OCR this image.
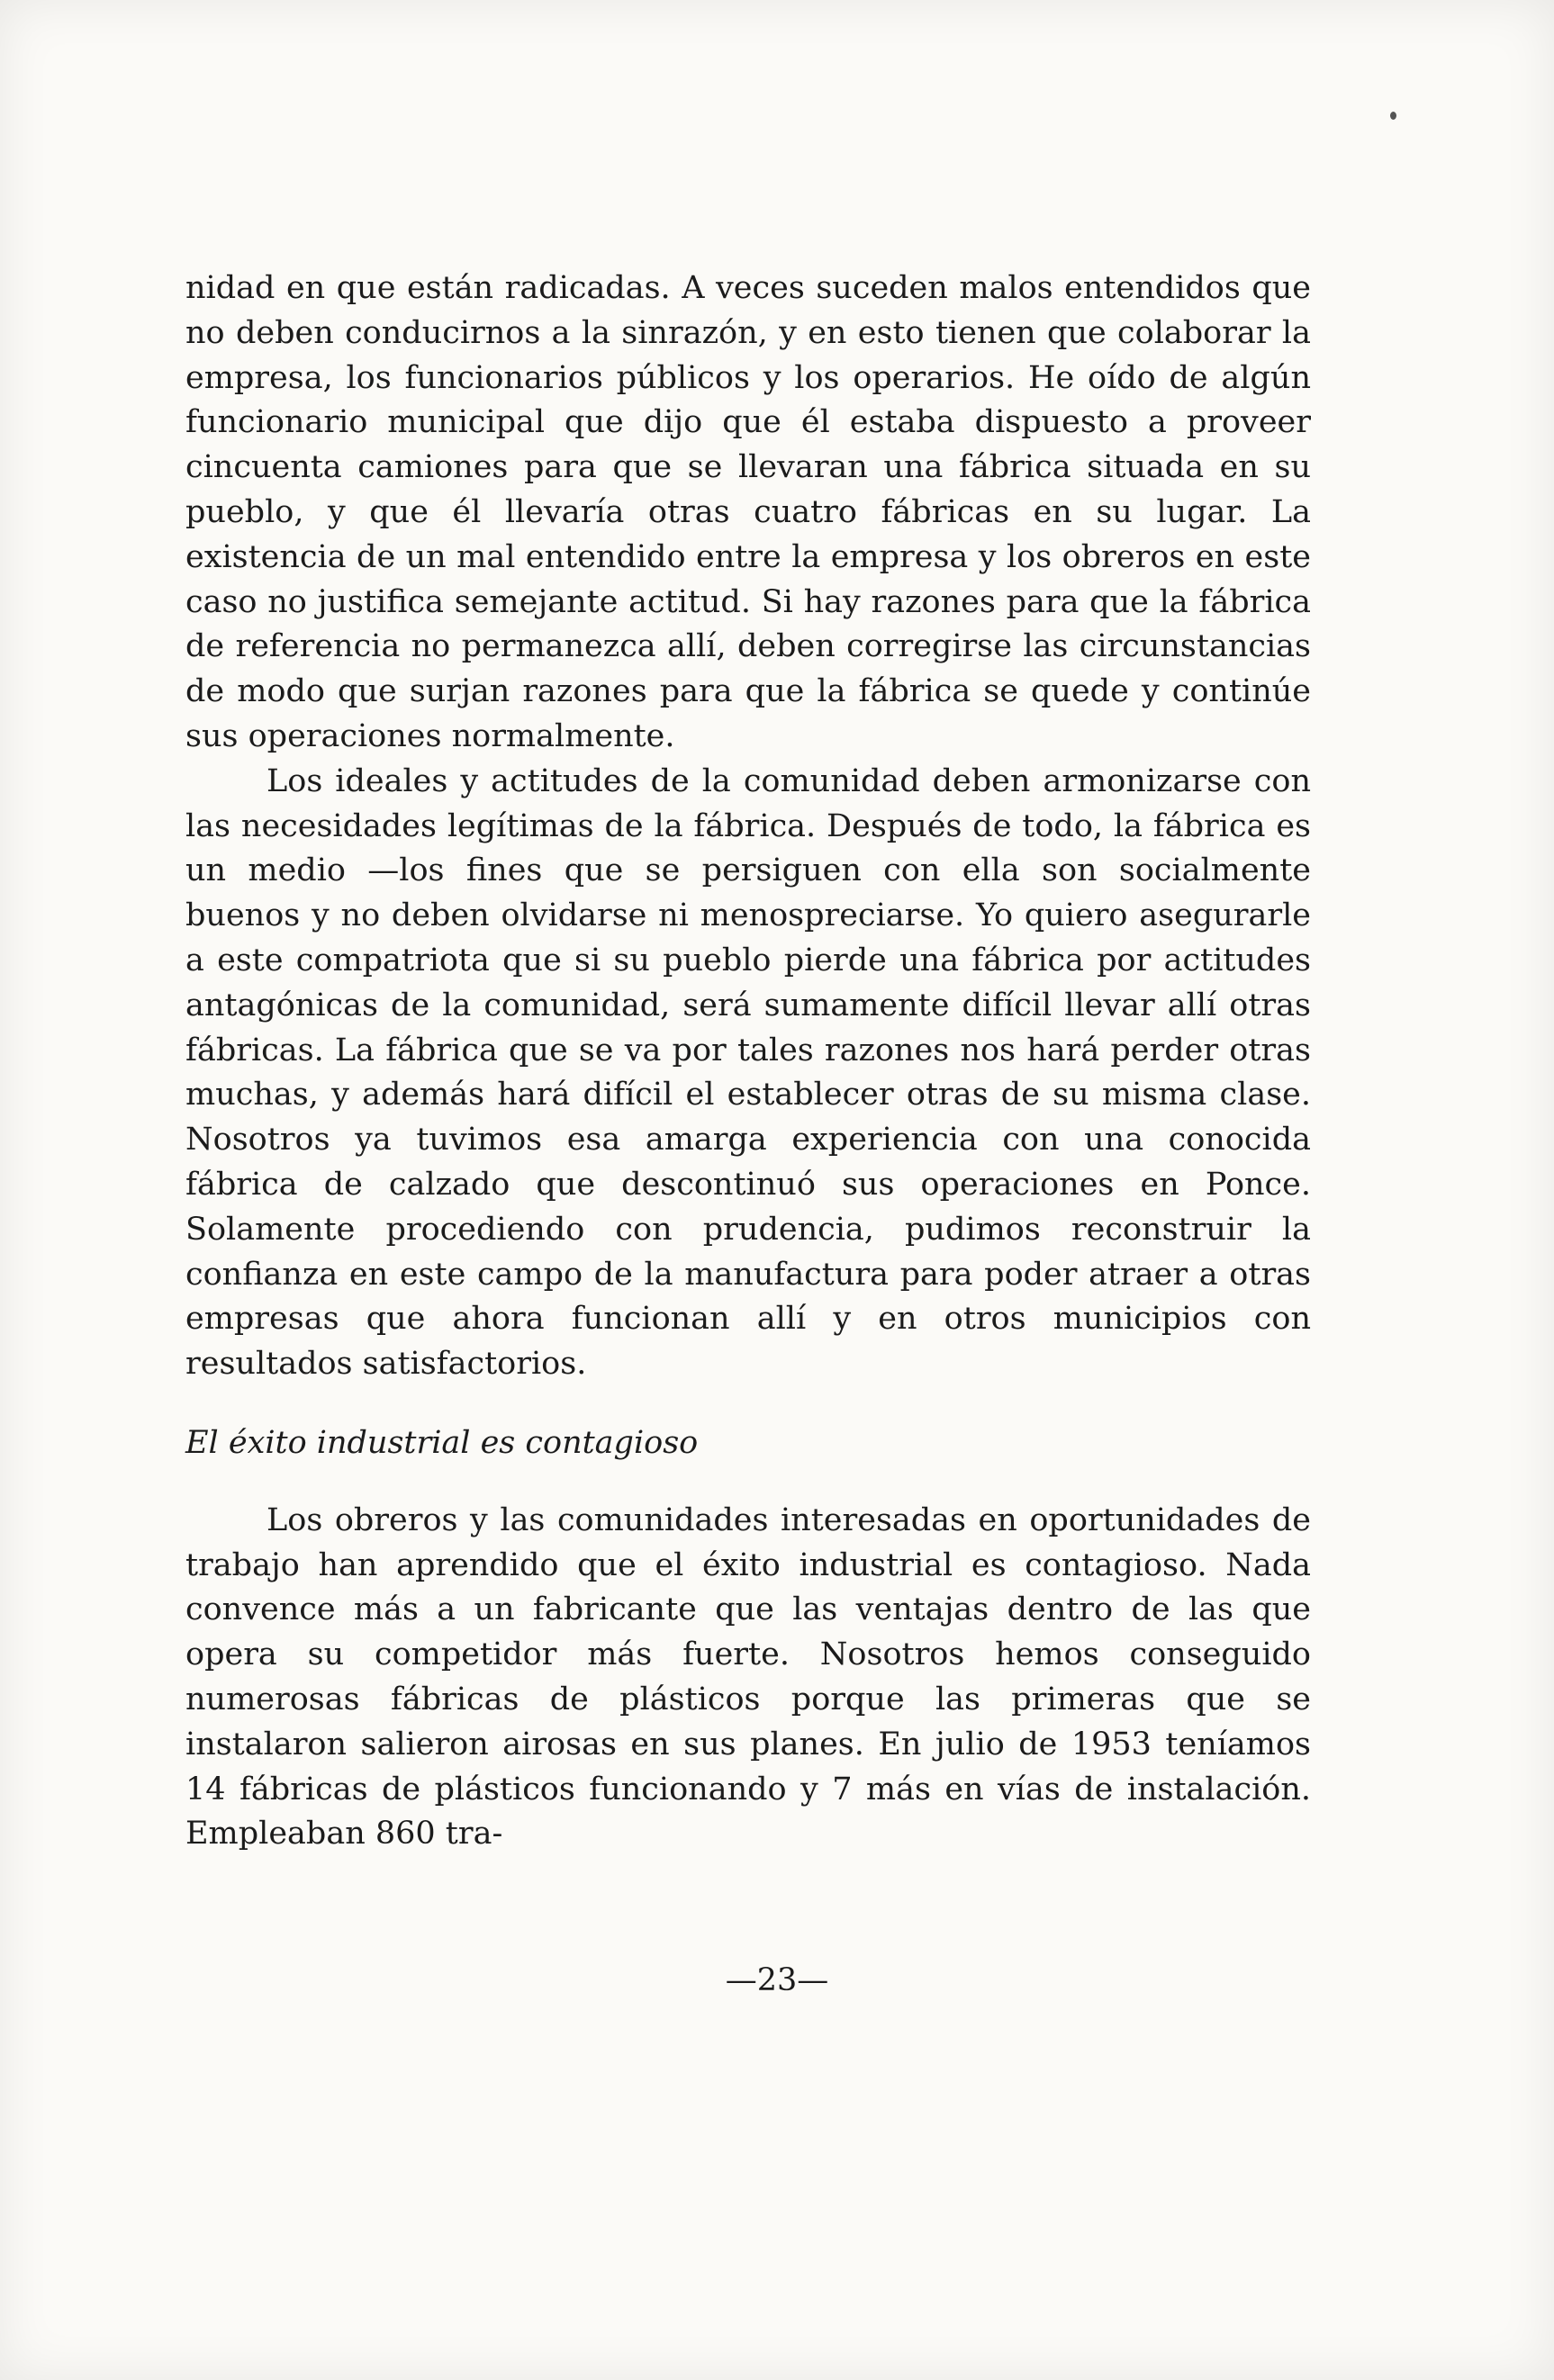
nidad en que están radicadas. A veces suceden malos entendidos que no deben conducirnos a la sinrazón, y en esto tienen que colaborar la empresa, los funcionarios públicos y los operarios. He oído de algún funcionario municipal que dijo que él estaba dispuesto a proveer cincuenta camiones para que se llevaran una fábrica situada en su pueblo, y que él llevaría otras cuatro fábricas en su lugar. La existencia de un mal entendido entre la empresa y los obreros en este caso no justifica semejante actitud. Si hay razones para que la fábrica de referencia no permanezca allí, deben corregirse las circunstancias de modo que surjan razones para que la fábrica se quede y continúe sus operaciones normalmente.

Los ideales y actitudes de la comunidad deben armonizarse con las necesidades legítimas de la fábrica. Después de todo, la fábrica es un medio —los fines que se persiguen con ella son socialmente buenos y no deben olvidarse ni menospreciarse. Yo quiero asegurarle a este compatriota que si su pueblo pierde una fábrica por actitudes antagónicas de la comunidad, será sumamente difícil llevar allí otras fábricas. La fábrica que se va por tales razones nos hará perder otras muchas, y además hará difícil el establecer otras de su misma clase. Nosotros ya tuvimos esa amarga experiencia con una conocida fábrica de calzado que descontinuó sus operaciones en Ponce. Solamente procediendo con prudencia, pudimos reconstruir la confianza en este campo de la manufactura para poder atraer a otras empresas que ahora funcionan allí y en otros municipios con resultados satisfactorios.

El éxito industrial es contagioso

Los obreros y las comunidades interesadas en oportunidades de trabajo han aprendido que el éxito industrial es contagioso. Nada convence más a un fabricante que las ventajas dentro de las que opera su competidor más fuerte. Nosotros hemos conseguido numerosas fábricas de plásticos porque las primeras que se instalaron salieron airosas en sus planes. En julio de 1953 teníamos 14 fábricas de plásticos funcionando y 7 más en vías de instalación. Empleaban 860 tra-

—23—
